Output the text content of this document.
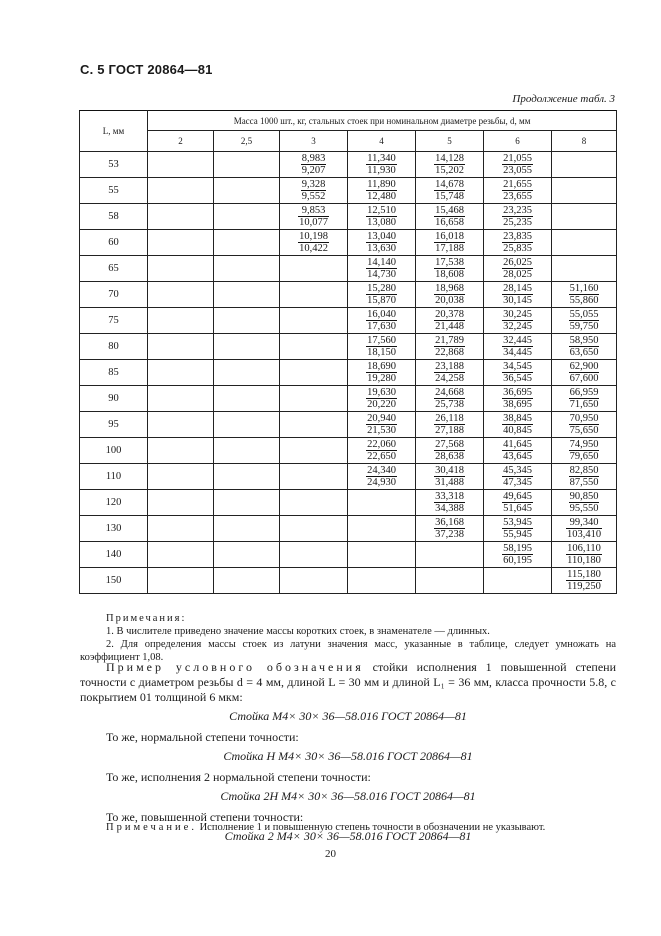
С. 5 ГОСТ 20864—81
Продолжение табл. 3
L, мм	Масса 1000 шт., кг, стальных стоек при номинальном диаметре резьбы, d, мм						
	2	2,5	3	4	5	6	8
53			$\frac{8,983}{9,207}$	$\frac{11,340}{11,930}$	$\frac{14,128}{15,202}$	$\frac{21,055}{23,055}$

55			$\frac{9,328}{9,552}$	$\frac{11,890}{12,480}$	$\frac{14,678}{15,748}$	$\frac{21,655}{23,655}$

58			$\frac{9,853}{10,077}$	$\frac{12,510}{13,080}$	$\frac{15,468}{16,658}$	$\frac{23,235}{25,235}$

60			$\frac{10,198}{10,422}$	$\frac{13,040}{13,630}$	$\frac{16,018}{17,188}$	$\frac{23,835}{25,835}$

65				$\frac{14,140}{14,730}$	$\frac{17,538}{18,608}$	$\frac{26,025}{28,025}$

70				$\frac{15,280}{15,870}$	$\frac{18,968}{20,038}$	$\frac{28,145}{30,145}$	$\frac{51,160}{55,860}$

75				$\frac{16,040}{17,630}$	$\frac{20,378}{21,448}$	$\frac{30,245}{32,245}$	$\frac{55,055}{59,750}$

80				$\frac{17,560}{18,150}$	$\frac{21,789}{22,868}$	$\frac{32,445}{34,445}$	$\frac{58,950}{63,650}$

85				$\frac{18,690}{19,280}$	$\frac{23,188}{24,258}$	$\frac{34,545}{36,545}$	$\frac{62,900}{67,600}$

90				$\frac{19,630}{20,220}$	$\frac{24,668}{25,738}$	$\frac{36,695}{38,695}$	$\frac{66,959}{71,650}$

95				$\frac{20,940}{21,530}$	$\frac{26,118}{27,188}$	$\frac{38,845}{40,845}$	$\frac{70,950}{75,650}$

100				$\frac{22,060}{22,650}$	$\frac{27,568}{28,638}$	$\frac{41,645}{43,645}$	$\frac{74,950}{79,650}$

110				$\frac{24,340}{24,930}$	$\frac{30,418}{31,488}$	$\frac{45,345}{47,345}$	$\frac{82,850}{87,550}$

120					$\frac{33,318}{34,388}$	$\frac{49,645}{51,645}$	$\frac{90,850}{95,550}$

130					$\frac{36,168}{37,238}$	$\frac{53,945}{55,945}$	$\frac{99,340}{103,410}$

140						$\frac{58,195}{60,195}$	$\frac{106,110}{110,180}$

150							$\frac{115,180}{119,250}$

Примечания:

1. В числителе приведено значение массы коротких стоек, в знаменателе — длинных.

2. Для определения массы стоек из латуни значения масс, указанные в таблице, следует умножать на коэффициент 1,08.

Пример условного обозначения стойки исполнения 1 повышенной степени точности с диаметром резьбы d = 4 мм, длиной L = 30 мм и длиной L₁ = 36 мм, класса прочности 5.8, с покрытием 01 толщиной 6 мкм:

Стойка М4× 30× 36—58.016 ГОСТ 20864—81

То же, нормальной степени точности:

Стойка Н М4× 30× 36—58.016 ГОСТ 20864—81

То же, исполнения 2 нормальной степени точности:

Стойка 2Н М4× 30× 36—58.016 ГОСТ 20864—81

То же, повышенной степени точности:

Стойка 2 М4× 30× 36—58.016 ГОСТ 20864—81

Примечание. Исполнение 1 и повышенную степень точности в обозначении не указывают.
20
